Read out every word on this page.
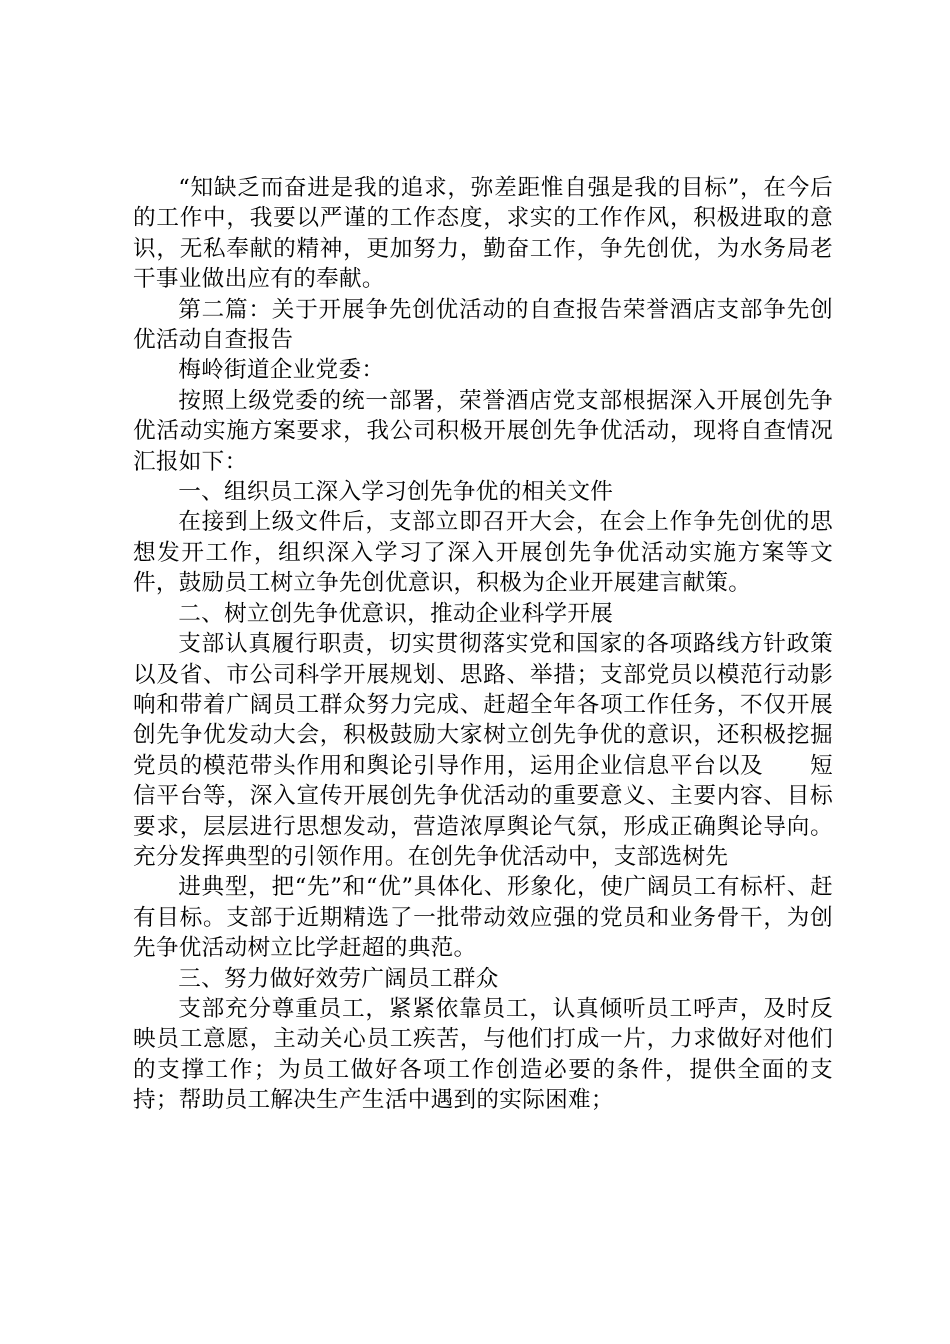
“知缺乏而奋进是我的追求，弥差距惟自强是我的目标”，在今后的工作中，我要以严谨的工作态度，求实的工作作风，积极进取的意识，无私奉献的精神，更加努力，勤奋工作，争先创优，为水务局老干事业做出应有的奉献。

第二篇：关于开展争先创优活动的自查报告荣誉酒店支部争先创优活动自查报告

梅岭街道企业党委：

按照上级党委的统一部署，荣誉酒店党支部根据深入开展创先争优活动实施方案要求，我公司积极开展创先争优活动，现将自查情况汇报如下：

一、组织员工深入学习创先争优的相关文件

在接到上级文件后，支部立即召开大会，在会上作争先创优的思想发开工作，组织深入学习了深入开展创先争优活动实施方案等文件，鼓励员工树立争先创优意识，积极为企业开展建言献策。

二、树立创先争优意识，推动企业科学开展

支部认真履行职责，切实贯彻落实党和国家的各项路线方针政策以及省、市公司科学开展规划、思路、举措；支部党员以模范行动影响和带着广阔员工群众努力完成、赶超全年各项工作任务，不仅开展创先争优发动大会，积极鼓励大家树立创先争优的意识，还积极挖掘党员的模范带头作用和舆论引导作用，运用企业信息平台以及　　短信平台等，深入宣传开展创先争优活动的重要意义、主要内容、目标要求，层层进行思想发动，营造浓厚舆论气氛，形成正确舆论导向。充分发挥典型的引领作用。在创先争优活动中，支部选树先

进典型，把“先”和“优”具体化、形象化，使广阔员工有标杆、赶有目标。支部于近期精选了一批带动效应强的党员和业务骨干，为创先争优活动树立比学赶超的典范。

三、努力做好效劳广阔员工群众

支部充分尊重员工，紧紧依靠员工，认真倾听员工呼声，及时反映员工意愿，主动关心员工疾苦，与他们打成一片，力求做好对他们的支撑工作；为员工做好各项工作创造必要的条件，提供全面的支持；帮助员工解决生产生活中遇到的实际困难；
